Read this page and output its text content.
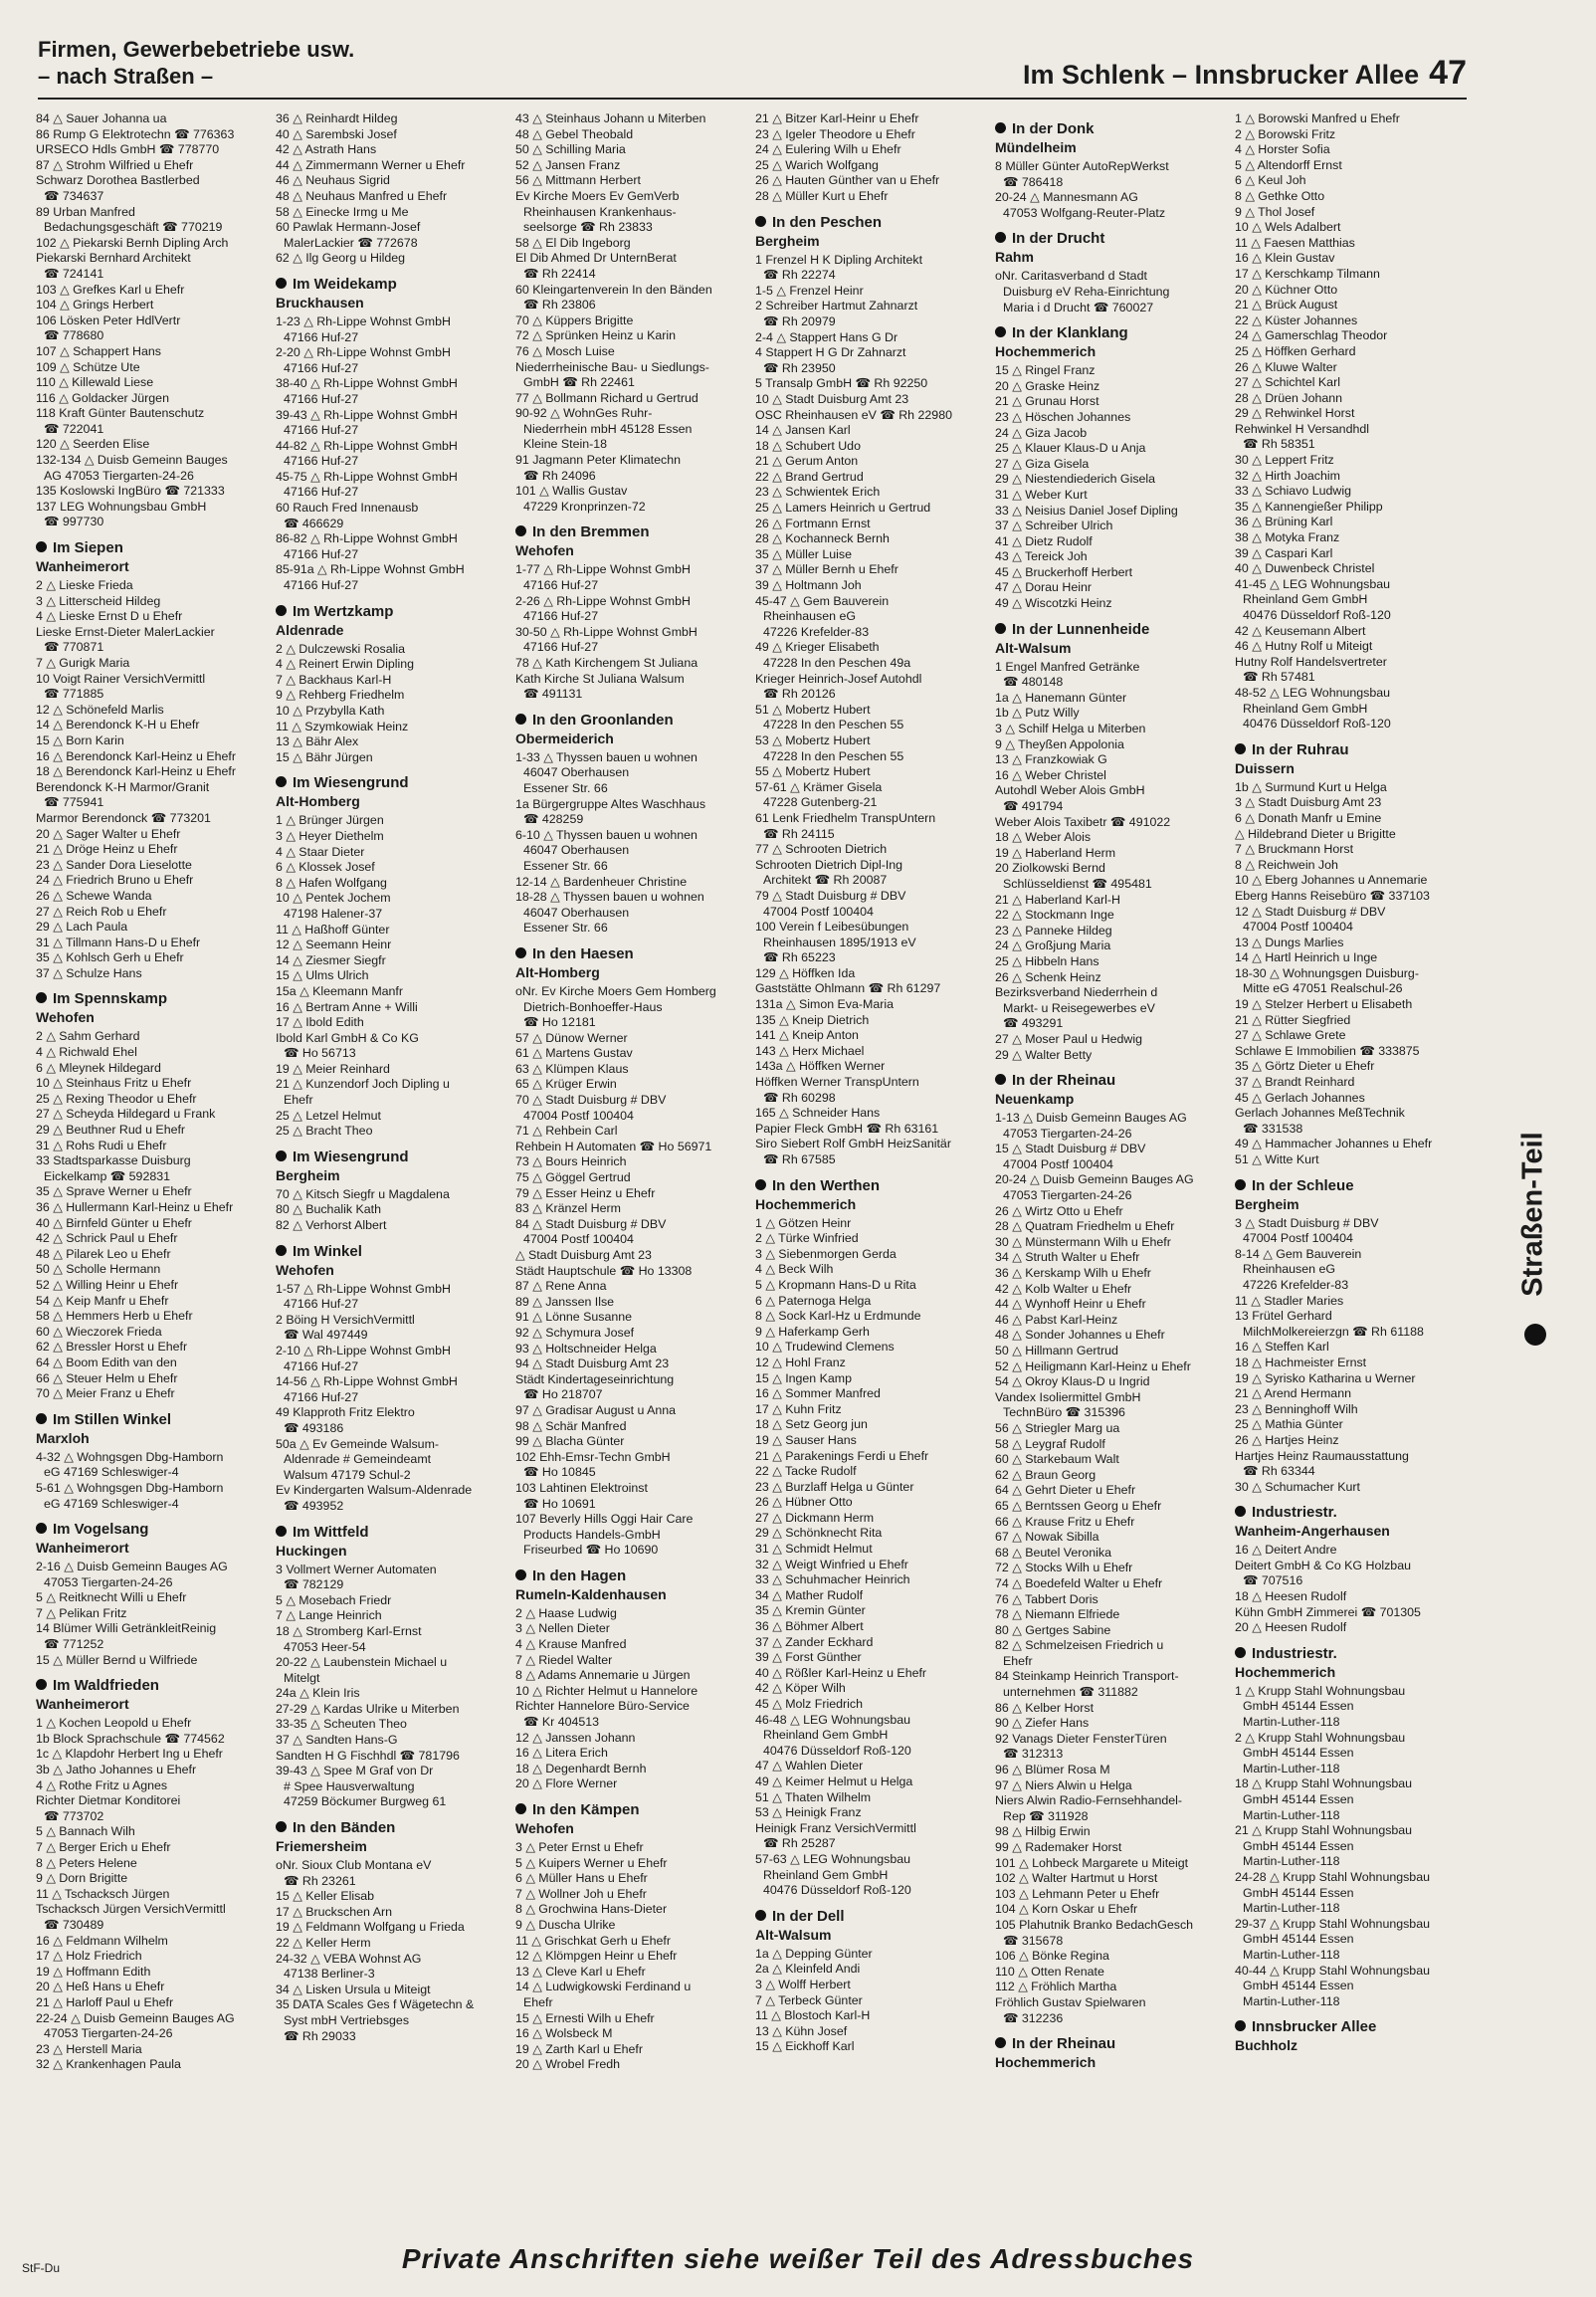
Firmen, Gewerbebetriebe usw.
– nach Straßen –	Im Schlenk – Innsbrucker Allee 47
84 △ Sauer Johanna ua
86 Rump G Elektrotechn ☎ 776363
URSECO Hdls GmbH ☎ 778770
87 △ Strohm Wilfried u Ehefr
Schwarz Dorothea Bastlerbed
☎ 734637
89 Urban Manfred
Bedachungsgeschäft ☎ 770219
102 △ Piekarski Bernh Dipling Arch
Piekarski Bernhard Architekt
☎ 724141
103 △ Grefkes Karl u Ehefr
104 △ Grings Herbert
106 Lösken Peter HdlVertr
☎ 778680
107 △ Schappert Hans
109 △ Schütze Ute
110 △ Killewald Liese
116 △ Goldacker Jürgen
118 Kraft Günter Bautenschutz
☎ 722041
120 △ Seerden Elise
132-134 △ Duisb Gemeinn Bauges
AG 47053 Tiergarten-24-26
135 Koslowski IngBüro ☎ 721333
137 LEG Wohnungsbau GmbH
☎ 997730
Im Siepen
Wanheimerort
2 △ Lieske Frieda
3 △ Litterscheid Hildeg
4 △ Lieske Ernst D u Ehefr
Lieske Ernst-Dieter MalerLackier
☎ 770871
7 △ Gurigk Maria
10 Voigt Rainer VersichVermittl
☎ 771885
12 △ Schönefeld Marlis
14 △ Berendonck K-H u Ehefr
15 △ Born Karin
16 △ Berendonck Karl-Heinz u Ehefr
18 △ Berendonck Karl-Heinz u Ehefr
Berendonck K-H Marmor/Granit
☎ 775941
Marmor Berendonck ☎ 773201
20 △ Sager Walter u Ehefr
21 △ Dröge Heinz u Ehefr
23 △ Sander Dora Lieselotte
24 △ Friedrich Bruno u Ehefr
26 △ Schewe Wanda
27 △ Reich Rob u Ehefr
29 △ Lach Paula
31 △ Tillmann Hans-D u Ehefr
35 △ Kohlsch Gerh u Ehefr
37 △ Schulze Hans
Im Spennskamp
Wehofen
2 △ Sahm Gerhard
4 △ Richwald Ehel
6 △ Mleynek Hildegard
10 △ Steinhaus Fritz u Ehefr
25 △ Rexing Theodor u Ehefr
27 △ Scheyda Hildegard u Frank
29 △ Beuthner Rud u Ehefr
31 △ Rohs Rudi u Ehefr
33 Stadtsparkasse Duisburg
Eickelkamp ☎ 592831
35 △ Sprave Werner u Ehefr
36 △ Hullermann Karl-Heinz u Ehefr
40 △ Birnfeld Günter u Ehefr
42 △ Schrick Paul u Ehefr
48 △ Pilarek Leo u Ehefr
50 △ Scholle Hermann
52 △ Willing Heinr u Ehefr
54 △ Keip Manfr u Ehefr
58 △ Hemmers Herb u Ehefr
60 △ Wieczorek Frieda
62 △ Bressler Horst u Ehefr
64 △ Boom Edith van den
66 △ Steuer Helm u Ehefr
70 △ Meier Franz u Ehefr
Im Stillen Winkel
Marxloh
4-32 △ Wohngsgen Dbg-Hamborn
eG 47169 Schleswiger-4
5-61 △ Wohngsgen Dbg-Hamborn
eG 47169 Schleswiger-4
Im Vogelsang
Wanheimerort
2-16 △ Duisb Gemeinn Bauges AG
47053 Tiergarten-24-26
5 △ Reitknecht Willi u Ehefr
7 △ Pelikan Fritz
14 Blümer Willi GetränkleitReinig
☎ 771252
15 △ Müller Bernd u Wilfriede
Im Waldfrieden
Wanheimerort
1 △ Kochen Leopold u Ehefr
1b Block Sprachschule ☎ 774562
1c △ Klapdohr Herbert Ing u Ehefr
3b △ Jatho Johannes u Ehefr
4 △ Rothe Fritz u Agnes
Richter Dietmar Konditorei
☎ 773702
5 △ Bannach Wilh
7 △ Berger Erich u Ehefr
8 △ Peters Helene
9 △ Dorn Brigitte
11 △ Tschacksch Jürgen
Tschacksch Jürgen VersichVermittl
☎ 730489
16 △ Feldmann Wilhelm
17 △ Holz Friedrich
19 △ Hoffmann Edith
20 △ Heß Hans u Ehefr
21 △ Harloff Paul u Ehefr
22-24 △ Duisb Gemeinn Bauges AG
47053 Tiergarten-24-26
23 △ Herstell Maria
32 △ Krankenhagen Paula
36 △ Reinhardt Hildeg
40 △ Sarembski Josef
42 △ Astrath Hans
44 △ Zimmermann Werner u Ehefr
46 △ Neuhaus Sigrid
48 △ Neuhaus Manfred u Ehefr
58 △ Einecke Irmg u Me
60 Pawlak Hermann-Josef
MalerLackier ☎ 772678
62 △ Ilg Georg u Hildeg
Im Weidekamp
Bruckhausen
1-23 △ Rh-Lippe Wohnst GmbH
47166 Huf-27
2-20 △ Rh-Lippe Wohnst GmbH
47166 Huf-27
38-40 △ Rh-Lippe Wohnst GmbH
47166 Huf-27
39-43 △ Rh-Lippe Wohnst GmbH
47166 Huf-27
44-82 △ Rh-Lippe Wohnst GmbH
47166 Huf-27
45-75 △ Rh-Lippe Wohnst GmbH
47166 Huf-27
60 Rauch Fred Innenausb
☎ 466629
86-82 △ Rh-Lippe Wohnst GmbH
47166 Huf-27
85-91a △ Rh-Lippe Wohnst GmbH
47166 Huf-27
Im Wertzkamp
Aldenrade
2 △ Dulczewski Rosalia
4 △ Reinert Erwin Dipling
7 △ Backhaus Karl-H
9 △ Rehberg Friedhelm
10 △ Przybylla Kath
11 △ Szymkowiak Heinz
13 △ Bähr Alex
15 △ Bähr Jürgen
Im Wiesengrund
Alt-Homberg
1 △ Brünger Jürgen
3 △ Heyer Diethelm
4 △ Staar Dieter
6 △ Klossek Josef
8 △ Hafen Wolfgang
10 △ Pentek Jochem
47198 Halener-37
11 △ Haßhoff Günter
12 △ Seemann Heinr
14 △ Ziesmer Siegfr
15 △ Ulms Ulrich
15a △ Kleemann Manfr
16 △ Bertram Anne + Willi
17 △ Ibold Edith
Ibold Karl GmbH & Co KG
☎ Ho 56713
19 △ Meier Reinhard
21 △ Kunzendorf Joch Dipling u
Ehefr
25 △ Letzel Helmut
25 △ Bracht Theo
Im Wiesengrund
Bergheim
70 △ Kitsch Siegfr u Magdalena
80 △ Buchalik Kath
82 △ Verhorst Albert
Im Winkel
Wehofen
1-57 △ Rh-Lippe Wohnst GmbH
47166 Huf-27
2 Böing H VersichVermittl
☎ Wal 497449
2-10 △ Rh-Lippe Wohnst GmbH
47166 Huf-27
14-56 △ Rh-Lippe Wohnst GmbH
47166 Huf-27
49 Klapproth Fritz Elektro
☎ 493186
50a △ Ev Gemeinde Walsum-
Aldenrade # Gemeindeamt
Walsum 47179 Schul-2
Ev Kindergarten Walsum-Aldenrade
☎ 493952
Im Wittfeld
Huckingen
3 Vollmert Werner Automaten
☎ 782129
5 △ Mosebach Friedr
7 △ Lange Heinrich
18 △ Stromberg Karl-Ernst
47053 Heer-54
20-22 △ Laubenstein Michael u
Mitelgt
24a △ Klein Iris
27-29 △ Kardas Ulrike u Miterben
33-35 △ Scheuten Theo
37 △ Sandten Hans-G
Sandten H G Fischhdl ☎ 781796
39-43 △ Spee M Graf von Dr
# Spee Hausverwaltung
47259 Böckumer Burgweg 61
In den Bänden
Friemersheim
oNr. Sioux Club Montana eV
☎ Rh 23261
15 △ Keller Elisab
17 △ Bruckschen Arn
19 △ Feldmann Wolfgang u Frieda
22 △ Keller Herm
24-32 △ VEBA Wohnst AG
47138 Berliner-3
34 △ Lisken Ursula u Miteigt
35 DATA Scales Ges f Wägetechn &
Syst mbH Vertriebsges
☎ Rh 29033
43 △ Steinhaus Johann u Miterben
48 △ Gebel Theobald
50 △ Schilling Maria
52 △ Jansen Franz
56 △ Mittmann Herbert
Ev Kirche Moers Ev GemVerb
Rheinhausen Krankenhaus-
seelsorge ☎ Rh 23833
58 △ El Dib Ingeborg
El Dib Ahmed Dr UnternBerat
☎ Rh 22414
60 Kleingartenverein In den Bänden
☎ Rh 23806
70 △ Küppers Brigitte
72 △ Sprünken Heinz u Karin
76 △ Mosch Luise
Niederrheinische Bau- u Siedlungs-
GmbH ☎ Rh 22461
77 △ Bollmann Richard u Gertrud
90-92 △ WohnGes Ruhr-
Niederrhein mbH 45128 Essen
Kleine Stein-18
91 Jagmann Peter Klimatechn
☎ Rh 24096
101 △ Wallis Gustav
47229 Kronprinzen-72
In den Bremmen
Wehofen
1-77 △ Rh-Lippe Wohnst GmbH
47166 Huf-27
2-26 △ Rh-Lippe Wohnst GmbH
47166 Huf-27
30-50 △ Rh-Lippe Wohnst GmbH
47166 Huf-27
78 △ Kath Kirchengem St Juliana
Kath Kirche St Juliana Walsum
☎ 491131
In den Groonlanden
Obermeiderich
1-33 △ Thyssen bauen u wohnen
46047 Oberhausen
Essener Str. 66
1a Bürgergruppe Altes Waschhaus
☎ 428259
6-10 △ Thyssen bauen u wohnen
46047 Oberhausen
Essener Str. 66
12-14 △ Bardenheuer Christine
18-28 △ Thyssen bauen u wohnen
46047 Oberhausen
Essener Str. 66
In den Haesen
Alt-Homberg
oNr. Ev Kirche Moers Gem Homberg
Dietrich-Bonhoeffer-Haus
☎ Ho 12181
57 △ Dünow Werner
61 △ Martens Gustav
63 △ Klümpen Klaus
65 △ Krüger Erwin
70 △ Stadt Duisburg # DBV
47004 Postf 100404
71 △ Rehbein Carl
Rehbein H Automaten ☎ Ho 56971
73 △ Bours Heinrich
75 △ Göggel Gertrud
79 △ Esser Heinz u Ehefr
83 △ Kränzel Herm
84 △ Stadt Duisburg # DBV
47004 Postf 100404
△ Stadt Duisburg Amt 23
Städt Hauptschule ☎ Ho 13308
87 △ Rene Anna
89 △ Janssen Ilse
91 △ Lönne Susanne
92 △ Schymura Josef
93 △ Holtschneider Helga
94 △ Stadt Duisburg Amt 23
Städt Kindertageseinrichtung
☎ Ho 218707
97 △ Gradisar August u Anna
98 △ Schär Manfred
99 △ Blacha Günter
102 Ehh-Emsr-Techn GmbH
☎ Ho 10845
103 Lahtinen Elektroinst
☎ Ho 10691
107 Beverly Hills Oggi Hair Care
Products Handels-GmbH
Friseurbed ☎ Ho 10690
In den Hagen
Rumeln-Kaldenhausen
2 △ Haase Ludwig
3 △ Nellen Dieter
4 △ Krause Manfred
7 △ Riedel Walter
8 △ Adams Annemarie u Jürgen
10 △ Richter Helmut u Hannelore
Richter Hannelore Büro-Service
☎ Kr 404513
12 △ Janssen Johann
16 △ Litera Erich
18 △ Degenhardt Bernh
20 △ Flore Werner
In den Kämpen
Wehofen
3 △ Peter Ernst u Ehefr
5 △ Kuipers Werner u Ehefr
6 △ Müller Hans u Ehefr
7 △ Wollner Joh u Ehefr
8 △ Grochwina Hans-Dieter
9 △ Duscha Ulrike
11 △ Grischkat Gerh u Ehefr
12 △ Klömpgen Heinr u Ehefr
13 △ Cleve Karl u Ehefr
14 △ Ludwigkowski Ferdinand u
Ehefr
15 △ Ernesti Wilh u Ehefr
16 △ Wolsbeck M
19 △ Zarth Karl u Ehefr
20 △ Wrobel Fredh
21 △ Bitzer Karl-Heinr u Ehefr
23 △ Igeler Theodore u Ehefr
24 △ Eulering Wilh u Ehefr
25 △ Warich Wolfgang
26 △ Hauten Günther van u Ehefr
28 △ Müller Kurt u Ehefr
In den Peschen
Bergheim
1 Frenzel H K Dipling Architekt
☎ Rh 22274
1-5 △ Frenzel Heinr
2 Schreiber Hartmut Zahnarzt
☎ Rh 20979
2-4 △ Stappert Hans G Dr
4 Stappert H G Dr Zahnarzt
☎ Rh 23950
5 Transalp GmbH ☎ Rh 92250
10 △ Stadt Duisburg Amt 23
OSC Rheinhausen eV ☎ Rh 22980
14 △ Jansen Karl
18 △ Schubert Udo
21 △ Gerum Anton
22 △ Brand Gertrud
23 △ Schwientek Erich
25 △ Lamers Heinrich u Gertrud
26 △ Fortmann Ernst
28 △ Kochanneck Bernh
35 △ Müller Luise
37 △ Müller Bernh u Ehefr
39 △ Holtmann Joh
45-47 △ Gem Bauverein
Rheinhausen eG
47226 Krefelder-83
49 △ Krieger Elisabeth
47228 In den Peschen 49a
Krieger Heinrich-Josef Autohdl
☎ Rh 20126
51 △ Mobertz Hubert
47228 In den Peschen 55
53 △ Mobertz Hubert
47228 In den Peschen 55
55 △ Mobertz Hubert
57-61 △ Krämer Gisela
47228 Gutenberg-21
61 Lenk Friedhelm TranspUntern
☎ Rh 24115
77 △ Schrooten Dietrich
Schrooten Dietrich Dipl-Ing
Architekt ☎ Rh 20087
79 △ Stadt Duisburg # DBV
47004 Postf 100404
100 Verein f Leibesübungen
Rheinhausen 1895/1913 eV
☎ Rh 65223
129 △ Höffken Ida
Gaststätte Ohlmann ☎ Rh 61297
131a △ Simon Eva-Maria
135 △ Kneip Dietrich
141 △ Kneip Anton
143 △ Herx Michael
143a △ Höffken Werner
Höffken Werner TranspUntern
☎ Rh 60298
165 △ Schneider Hans
Papier Fleck GmbH ☎ Rh 63161
Siro Siebert Rolf GmbH HeizSanitär
☎ Rh 67585
In den Werthen
Hochemmerich
1 △ Götzen Heinr
2 △ Türke Winfried
3 △ Siebenmorgen Gerda
4 △ Beck Wilh
5 △ Kropmann Hans-D u Rita
6 △ Paternoga Helga
8 △ Sock Karl-Hz u Erdmunde
9 △ Haferkamp Gerh
10 △ Trudewind Clemens
12 △ Hohl Franz
15 △ Ingen Kamp
16 △ Sommer Manfred
17 △ Kuhn Fritz
18 △ Setz Georg jun
19 △ Sauser Hans
21 △ Parakenings Ferdi u Ehefr
22 △ Tacke Rudolf
23 △ Burzlaff Helga u Günter
26 △ Hübner Otto
27 △ Dickmann Herm
29 △ Schönknecht Rita
31 △ Schmidt Helmut
32 △ Weigt Winfried u Ehefr
33 △ Schuhmacher Heinrich
34 △ Mather Rudolf
35 △ Kremin Günter
36 △ Böhmer Albert
37 △ Zander Eckhard
39 △ Forst Günther
40 △ Rößler Karl-Heinz u Ehefr
42 △ Köper Wilh
45 △ Molz Friedrich
46-48 △ LEG Wohnungsbau
Rheinland Gem GmbH
40476 Düsseldorf Roß-120
47 △ Wahlen Dieter
49 △ Keimer Helmut u Helga
51 △ Thaten Wilhelm
53 △ Heinigk Franz
Heinigk Franz VersichVermittl
☎ Rh 25287
57-63 △ LEG Wohnungsbau
Rheinland Gem GmbH
40476 Düsseldorf Roß-120
In der Dell
Alt-Walsum
1a △ Depping Günter
2a △ Kleinfeld Andi
3 △ Wolff Herbert
7 △ Terbeck Günter
11 △ Blostoch Karl-H
13 △ Kühn Josef
15 △ Eickhoff Karl
In der Donk
Mündelheim
8 Müller Günter AutoRepWerkst
☎ 786418
20-24 △ Mannesmann AG
47053 Wolfgang-Reuter-Platz
In der Drucht
Rahm
oNr. Caritasverband d Stadt
Duisburg eV Reha-Einrichtung
Maria i d Drucht ☎ 760027
In der Klanklang
Hochemmerich
15 △ Ringel Franz
20 △ Graske Heinz
21 △ Grunau Horst
23 △ Höschen Johannes
24 △ Giza Jacob
25 △ Klauer Klaus-D u Anja
27 △ Giza Gisela
29 △ Niestendiederich Gisela
31 △ Weber Kurt
33 △ Neisius Daniel Josef Dipling
37 △ Schreiber Ulrich
41 △ Dietz Rudolf
43 △ Tereick Joh
45 △ Bruckerhoff Herbert
47 △ Dorau Heinr
49 △ Wiscotzki Heinz
In der Lunnenheide
Alt-Walsum
1 Engel Manfred Getränke
☎ 480148
1a △ Hanemann Günter
1b △ Putz Willy
3 △ Schilf Helga u Miterben
9 △ Theyßen Appolonia
13 △ Franzkowiak G
16 △ Weber Christel
Autohdl Weber Alois GmbH
☎ 491794
Weber Alois Taxibetr ☎ 491022
18 △ Weber Alois
19 △ Haberland Herm
20 Ziolkowski Bernd
Schlüsseldienst ☎ 495481
21 △ Haberland Karl-H
22 △ Stockmann Inge
23 △ Panneke Hildeg
24 △ Großjung Maria
25 △ Hibbeln Hans
26 △ Schenk Heinz
Bezirksverband Niederrhein d
Markt- u Reisegewerbes eV
☎ 493291
27 △ Moser Paul u Hedwig
29 △ Walter Betty
In der Rheinau
Neuenkamp
1-13 △ Duisb Gemeinn Bauges AG
47053 Tiergarten-24-26
15 △ Stadt Duisburg # DBV
47004 Postf 100404
20-24 △ Duisb Gemeinn Bauges AG
47053 Tiergarten-24-26
26 △ Wirtz Otto u Ehefr
28 △ Quatram Friedhelm u Ehefr
30 △ Münstermann Wilh u Ehefr
34 △ Struth Walter u Ehefr
36 △ Kerskamp Wilh u Ehefr
42 △ Kolb Walter u Ehefr
44 △ Wynhoff Heinr u Ehefr
46 △ Pabst Karl-Heinz
48 △ Sonder Johannes u Ehefr
50 △ Hillmann Gertrud
52 △ Heiligmann Karl-Heinz u Ehefr
54 △ Okroy Klaus-D u Ingrid
Vandex Isoliermittel GmbH
TechnBüro ☎ 315396
56 △ Striegler Marg ua
58 △ Leygraf Rudolf
60 △ Starkebaum Walt
62 △ Braun Georg
64 △ Gehrt Dieter u Ehefr
65 △ Berntssen Georg u Ehefr
66 △ Krause Fritz u Ehefr
67 △ Nowak Sibilla
68 △ Beutel Veronika
72 △ Stocks Wilh u Ehefr
74 △ Boedefeld Walter u Ehefr
76 △ Tabbert Doris
78 △ Niemann Elfriede
80 △ Gertges Sabine
82 △ Schmelzeisen Friedrich u
Ehefr
84 Steinkamp Heinrich Transport-
unternehmen ☎ 311882
86 △ Kelber Horst
90 △ Ziefer Hans
92 Vanags Dieter FensterTüren
☎ 312313
96 △ Blümer Rosa M
97 △ Niers Alwin u Helga
Niers Alwin Radio-Fernsehhandel-
Rep ☎ 311928
98 △ Hilbig Erwin
99 △ Rademaker Horst
101 △ Lohbeck Margarete u Miteigt
102 △ Walter Hartmut u Horst
103 △ Lehmann Peter u Ehefr
104 △ Korn Oskar u Ehefr
105 Plahutnik Branko BedachGesch
☎ 315678
106 △ Bönke Regina
110 △ Otten Renate
112 △ Fröhlich Martha
Fröhlich Gustav Spielwaren
☎ 312236
In der Rheinau
Hochemmerich
1 △ Borowski Manfred u Ehefr
2 △ Borowski Fritz
4 △ Horster Sofia
5 △ Altendorff Ernst
6 △ Keul Joh
8 △ Gethke Otto
9 △ Thol Josef
10 △ Wels Adalbert
11 △ Faesen Matthias
16 △ Klein Gustav
17 △ Kerschkamp Tilmann
20 △ Küchner Otto
21 △ Brück August
22 △ Küster Johannes
24 △ Gamerschlag Theodor
25 △ Höffken Gerhard
26 △ Kluwe Walter
27 △ Schichtel Karl
28 △ Drüen Johann
29 △ Rehwinkel Horst
Rehwinkel H Versandhdl
☎ Rh 58351
30 △ Leppert Fritz
32 △ Hirth Joachim
33 △ Schiavo Ludwig
35 △ Kannengießer Philipp
36 △ Brüning Karl
38 △ Motyka Franz
39 △ Caspari Karl
40 △ Duwenbeck Christel
41-45 △ LEG Wohnungsbau
Rheinland Gem GmbH
40476 Düsseldorf Roß-120
42 △ Keusemann Albert
46 △ Hutny Rolf u Miteigt
Hutny Rolf Handelsvertreter
☎ Rh 57481
48-52 △ LEG Wohnungsbau
Rheinland Gem GmbH
40476 Düsseldorf Roß-120
In der Ruhrau
Duissern
1b △ Surmund Kurt u Helga
3 △ Stadt Duisburg Amt 23
6 △ Donath Manfr u Emine
△ Hildebrand Dieter u Brigitte
7 △ Bruckmann Horst
8 △ Reichwein Joh
10 △ Eberg Johannes u Annemarie
Eberg Hanns Reisebüro ☎ 337103
12 △ Stadt Duisburg # DBV
47004 Postf 100404
13 △ Dungs Marlies
14 △ Hartl Heinrich u Inge
18-30 △ Wohnungsgen Duisburg-
Mitte eG 47051 Realschul-26
19 △ Stelzer Herbert u Elisabeth
21 △ Rütter Siegfried
27 △ Schlawe Grete
Schlawe E Immobilien ☎ 333875
35 △ Görtz Dieter u Ehefr
37 △ Brandt Reinhard
45 △ Gerlach Johannes
Gerlach Johannes MeßTechnik
☎ 331538
49 △ Hammacher Johannes u Ehefr
51 △ Witte Kurt
In der Schleue
Bergheim
3 △ Stadt Duisburg # DBV
47004 Postf 100404
8-14 △ Gem Bauverein
Rheinhausen eG
47226 Krefelder-83
11 △ Stadler Maries
13 Frütel Gerhard
MilchMolkereierzgn ☎ Rh 61188
16 △ Steffen Karl
18 △ Hachmeister Ernst
19 △ Syrisko Katharina u Werner
21 △ Arend Hermann
23 △ Benninghoff Wilh
25 △ Mathia Günter
26 △ Hartjes Heinz
Hartjes Heinz Raumausstattung
☎ Rh 63344
30 △ Schumacher Kurt
Industriestr.
Wanheim-Angerhausen
16 △ Deitert Andre
Deitert GmbH & Co KG Holzbau
☎ 707516
18 △ Heesen Rudolf
Kühn GmbH Zimmerei ☎ 701305
20 △ Heesen Rudolf
Industriestr.
Hochemmerich
1 △ Krupp Stahl Wohnungsbau
GmbH 45144 Essen
Martin-Luther-118
2 △ Krupp Stahl Wohnungsbau
GmbH 45144 Essen
Martin-Luther-118
18 △ Krupp Stahl Wohnungsbau
GmbH 45144 Essen
Martin-Luther-118
21 △ Krupp Stahl Wohnungsbau
GmbH 45144 Essen
Martin-Luther-118
24-28 △ Krupp Stahl Wohnungsbau
GmbH 45144 Essen
Martin-Luther-118
29-37 △ Krupp Stahl Wohnungsbau
GmbH 45144 Essen
Martin-Luther-118
40-44 △ Krupp Stahl Wohnungsbau
GmbH 45144 Essen
Martin-Luther-118
Innsbrucker Allee
Buchholz
Straßen-Teil
Private Anschriften siehe weißer Teil des Adressbuches
StF-Du
